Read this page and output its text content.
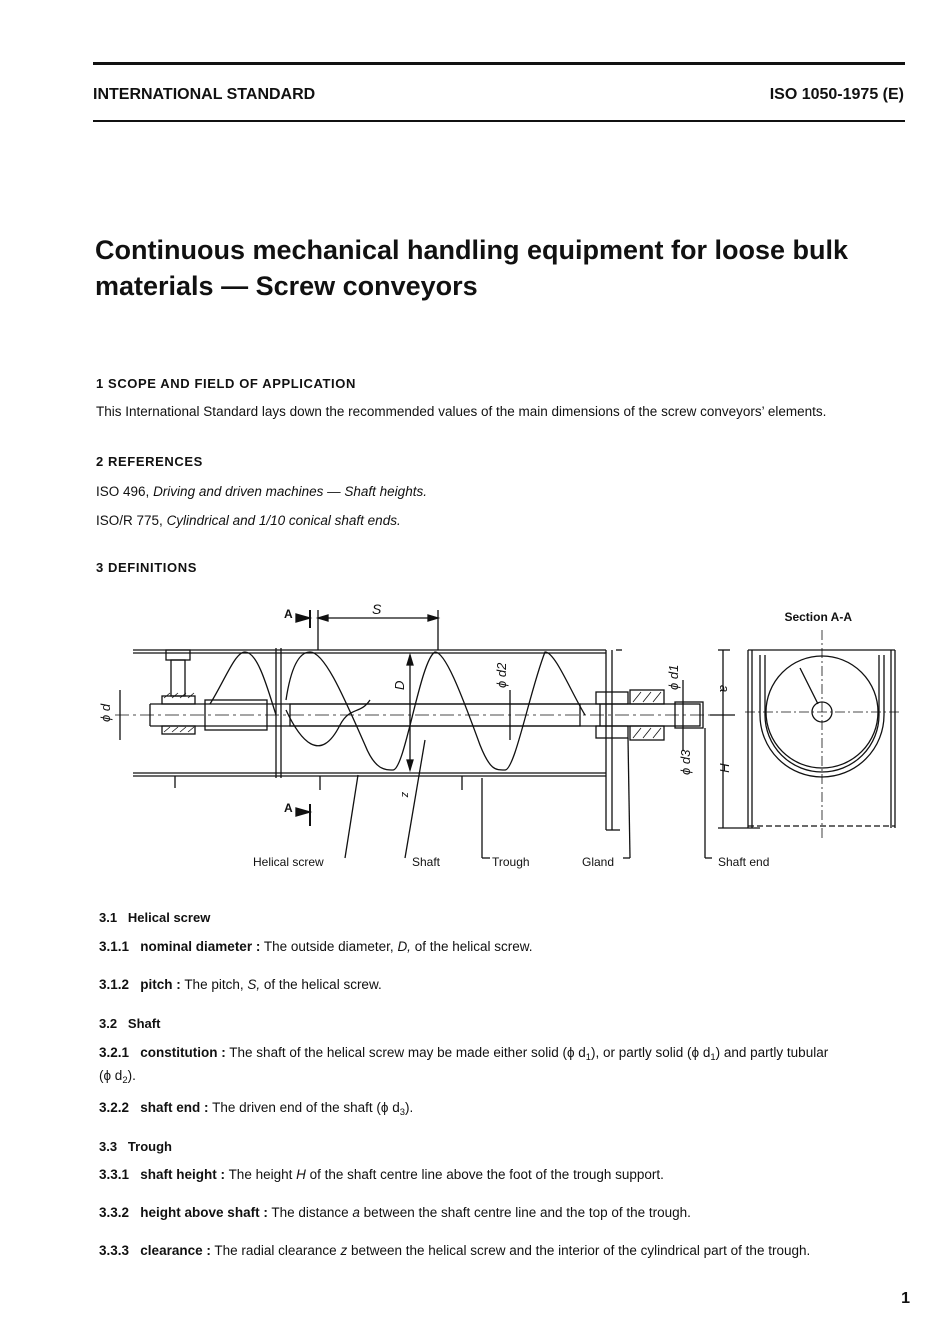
INTERNATIONAL STANDARD	ISO 1050-1975 (E)
Continuous mechanical handling equipment for loose bulk
materials — Screw conveyors
1 SCOPE AND FIELD OF APPLICATION
This International Standard lays down the recommended values of the main dimensions of the screw conveyors’ elements.
2 REFERENCES
ISO 496, Driving and driven machines — Shaft heights.
ISO/R 775, Cylindrical and 1/10 conical shaft ends.
3 DEFINITIONS
Section A-A
Helical screw	Shaft	Trough	Gland	Shaft end
A
A
S
D	ϕ d2
ϕ d
ϕ d1
ϕ d3
a
H
z
3.1 Helical screw
3.1.1 nominal diameter : The outside diameter, D, of the helical screw.
3.1.2 pitch : The pitch, S, of the helical screw.
3.2 Shaft
3.2.1 constitution : The shaft of the helical screw may be made either solid (ϕ $d_1$), or partly solid (ϕ $d_1$) and partly tubular
(ϕ $d_2$).
3.2.2 shaft end : The driven end of the shaft (ϕ $d_3$).
3.3 Trough
3.3.1 shaft height : The height H of the shaft centre line above the foot of the trough support.
3.3.2 height above shaft : The distance a between the shaft centre line and the top of the trough.
3.3.3 clearance : The radial clearance z between the helical screw and the interior of the cylindrical part of the trough.
1
